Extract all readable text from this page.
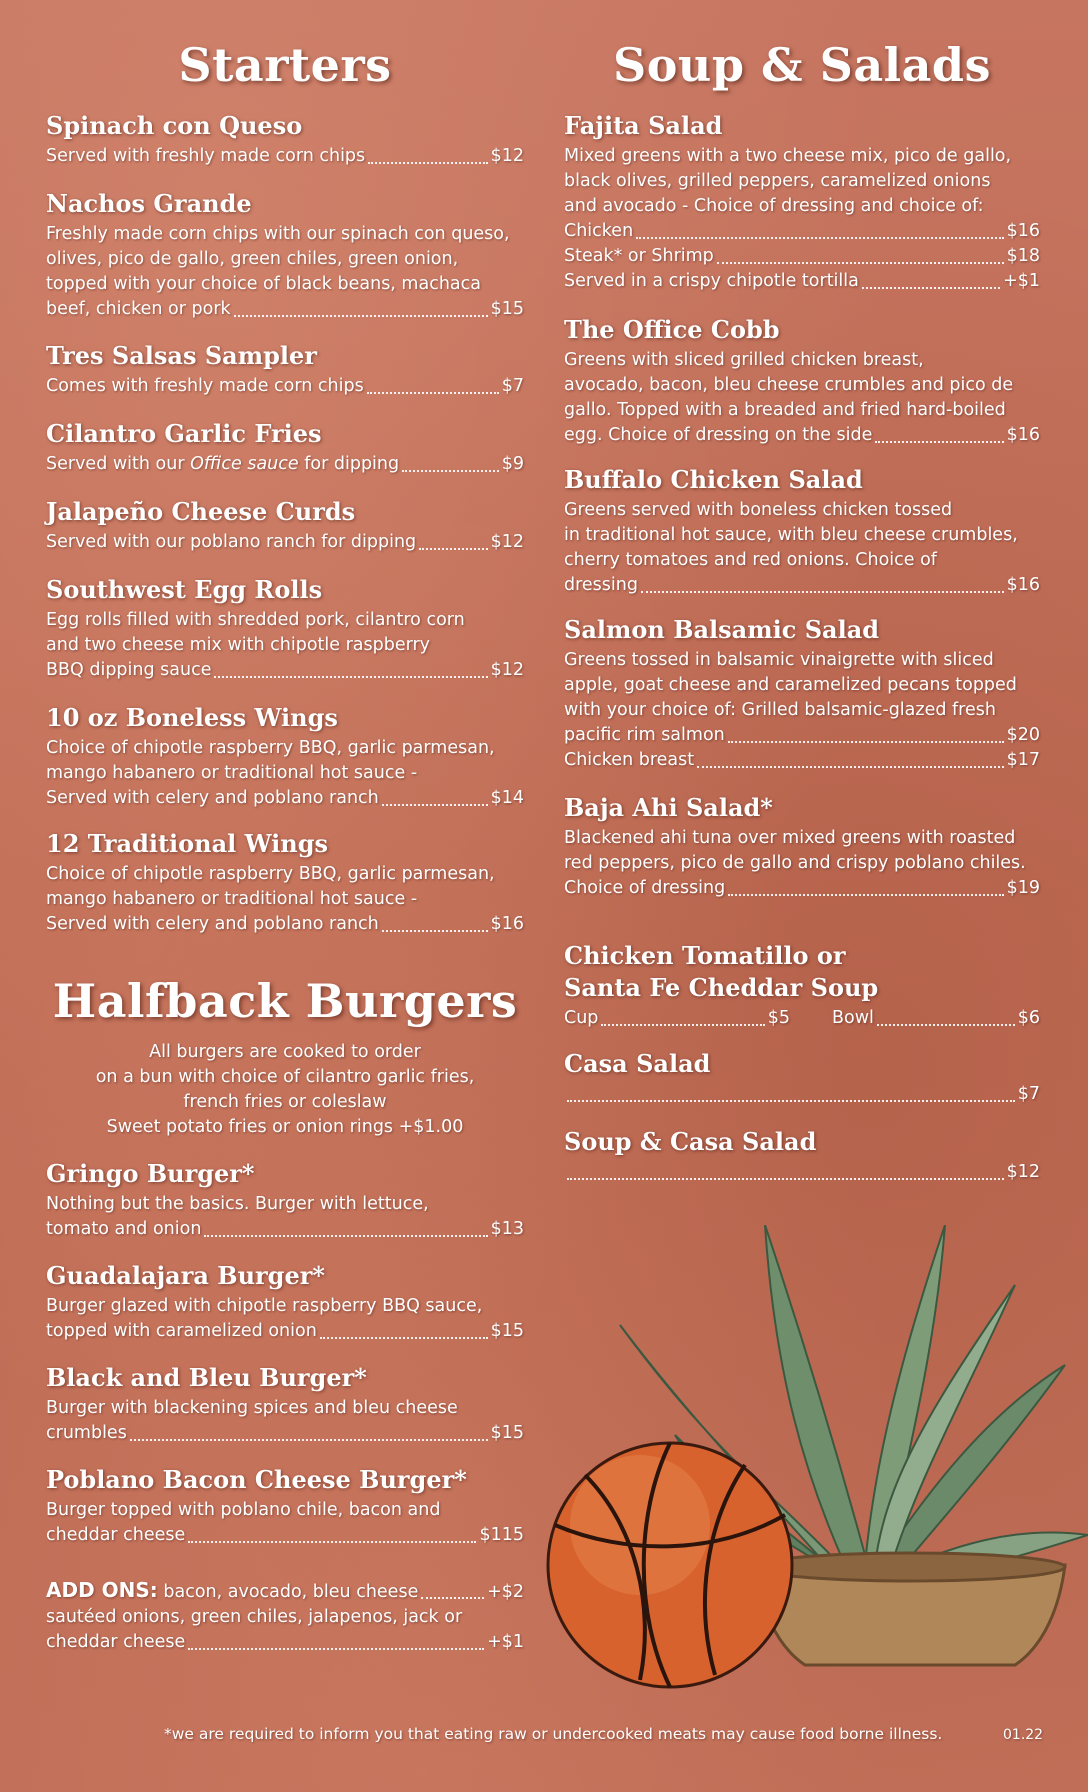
Starters
Spinach con Queso
Served with freshly made corn chips	$12
Nachos Grande
Freshly made corn chips with our spinach con queso,
olives, pico de gallo, green chiles, green onion,
topped with your choice of black beans, machaca
beef, chicken or pork	$15
Tres Salsas Sampler
Comes with freshly made corn chips	$7
Cilantro Garlic Fries
Served with our Office sauce for dipping	$9
Jalapeño Cheese Curds
Served with our poblano ranch for dipping	$12
Southwest Egg Rolls
Egg rolls filled with shredded pork, cilantro corn
and two cheese mix with chipotle raspberry
BBQ dipping sauce	$12
10 oz Boneless Wings
Choice of chipotle raspberry BBQ, garlic parmesan,
mango habanero or traditional hot sauce -
Served with celery and poblano ranch	$14
12 Traditional Wings
Choice of chipotle raspberry BBQ, garlic parmesan,
mango habanero or traditional hot sauce -
Served with celery and poblano ranch	$16
Halfback Burgers
All burgers are cooked to order
on a bun with choice of cilantro garlic fries,
french fries or coleslaw
Sweet potato fries or onion rings +$1.00
Gringo Burger*
Nothing but the basics. Burger with lettuce,
tomato and onion	$13
Guadalajara Burger*
Burger glazed with chipotle raspberry BBQ sauce,
topped with caramelized onion	$15
Black and Bleu Burger*
Burger with blackening spices and bleu cheese
crumbles	$15
Poblano Bacon Cheese Burger*
Burger topped with poblano chile, bacon and
cheddar cheese	$115
ADD ONS: bacon, avocado, bleu cheese	+$2
sautéed onions, green chiles, jalapenos, jack or
cheddar cheese	+$1
Soup & Salads
Fajita Salad
Mixed greens with a two cheese mix, pico de gallo,
black olives, grilled peppers, caramelized onions
and avocado - Choice of dressing and choice of:
Chicken	$16
Steak* or Shrimp	$18
Served in a crispy chipotle tortilla	+$1
The Office Cobb
Greens with sliced grilled chicken breast,
avocado, bacon, bleu cheese crumbles and pico de
gallo. Topped with a breaded and fried hard-boiled
egg. Choice of dressing on the side	$16
Buffalo Chicken Salad
Greens served with boneless chicken tossed
in traditional hot sauce, with bleu cheese crumbles,
cherry tomatoes and red onions. Choice of
dressing	$16
Salmon Balsamic Salad
Greens tossed in balsamic vinaigrette with sliced
apple, goat cheese and caramelized pecans topped
with your choice of: Grilled balsamic-glazed fresh
pacific rim salmon	$20
Chicken breast	$17
Baja Ahi Salad*
Blackened ahi tuna over mixed greens with roasted
red peppers, pico de gallo and crispy poblano chiles.
Choice of dressing	$19
Chicken Tomatillo or
Santa Fe Cheddar Soup
Cup	$5 Bowl	$6
Casa Salad
$7
Soup & Casa Salad
$12
*we are required to inform you that eating raw or undercooked meats may cause food borne illness.	01.22
